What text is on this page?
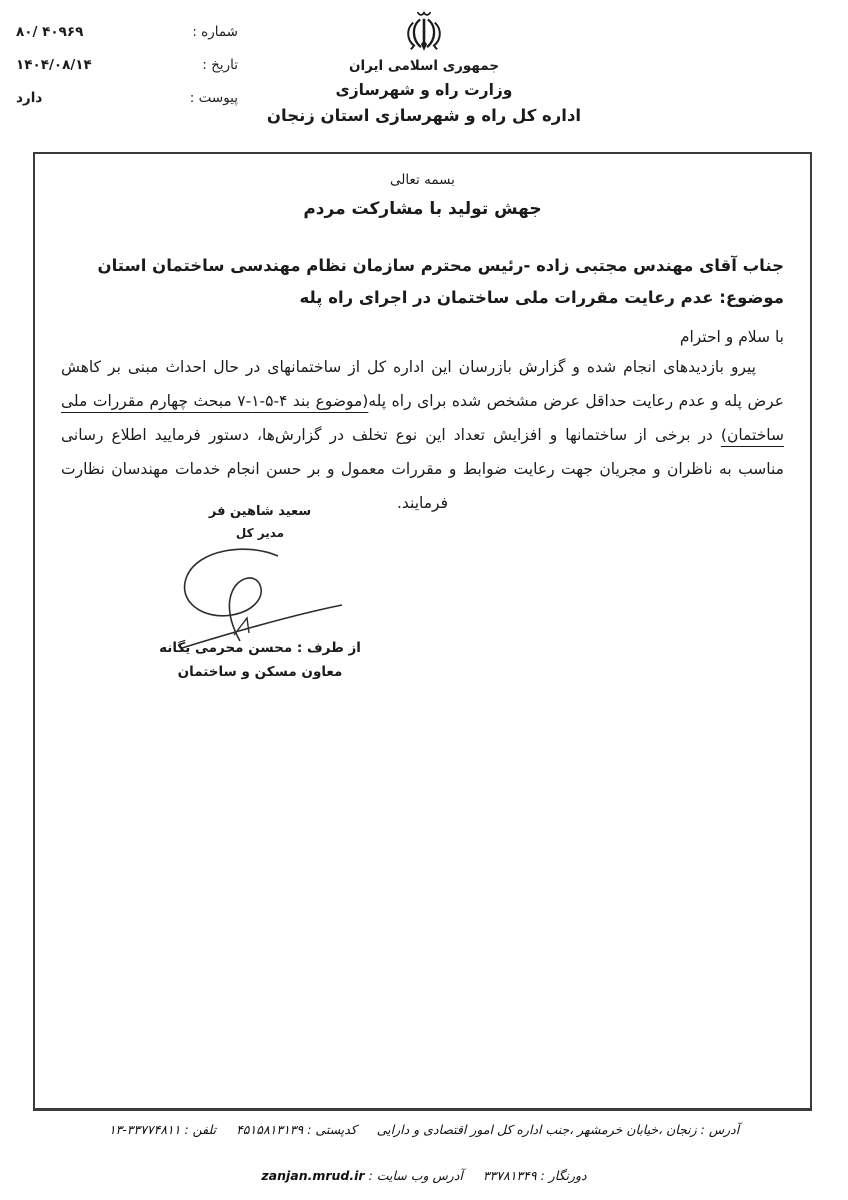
شماره :
۴۰۹۶۹ /۸۰
تاریخ :
۱۴۰۴/۰۸/۱۴
پیوست :
دارد
جمهوری اسلامی ایران
وزارت راه و شهرسازی
اداره کل راه و شهرسازی استان زنجان
بسمه تعالی
جهش تولید با مشارکت مردم
جناب آقای مهندس مجتبی زاده -رئیس محترم سازمان نظام مهندسی ساختمان استان
موضوع: عدم رعایت مقررات ملی ساختمان در اجرای راه پله
با سلام و احترام

پیرو بازدیدهای انجام شده و گزارش بازرسان این اداره کل از ساختمانهای در حال احداث مبنی بر کاهش عرض پله و عدم رعایت حداقل عرض مشخص شده برای راه پله(موضوع بند ۴-۵-۱-۷ مبحث چهارم مقررات ملی ساختمان) در برخی از ساختمانها و افزایش تعداد این نوع تخلف در گزارش‌ها، دستور فرمایید اطلاع رسانی مناسب به ناظران و مجریان جهت رعایت ضوابط و مقررات معمول و بر حسن انجام خدمات مهندسان نظارت فرمایند.

سعید شاهین فر
مدیر کل
از طرف : محسن محرمی یگانه
معاون مسکن و ساختمان
آدرس : زنجان ،خیابان خرمشهر ،جنب اداره کل امور اقتصادی و دارایی کدپستی : ۴۵۱۵۸۱۳۱۳۹ تلفن : ۳۳۷۷۴۸۱۱-۱۳
دورنگار : ۳۳۷۸۱۳۴۹ آدرس وب سایت : zanjan.mrud.ir
